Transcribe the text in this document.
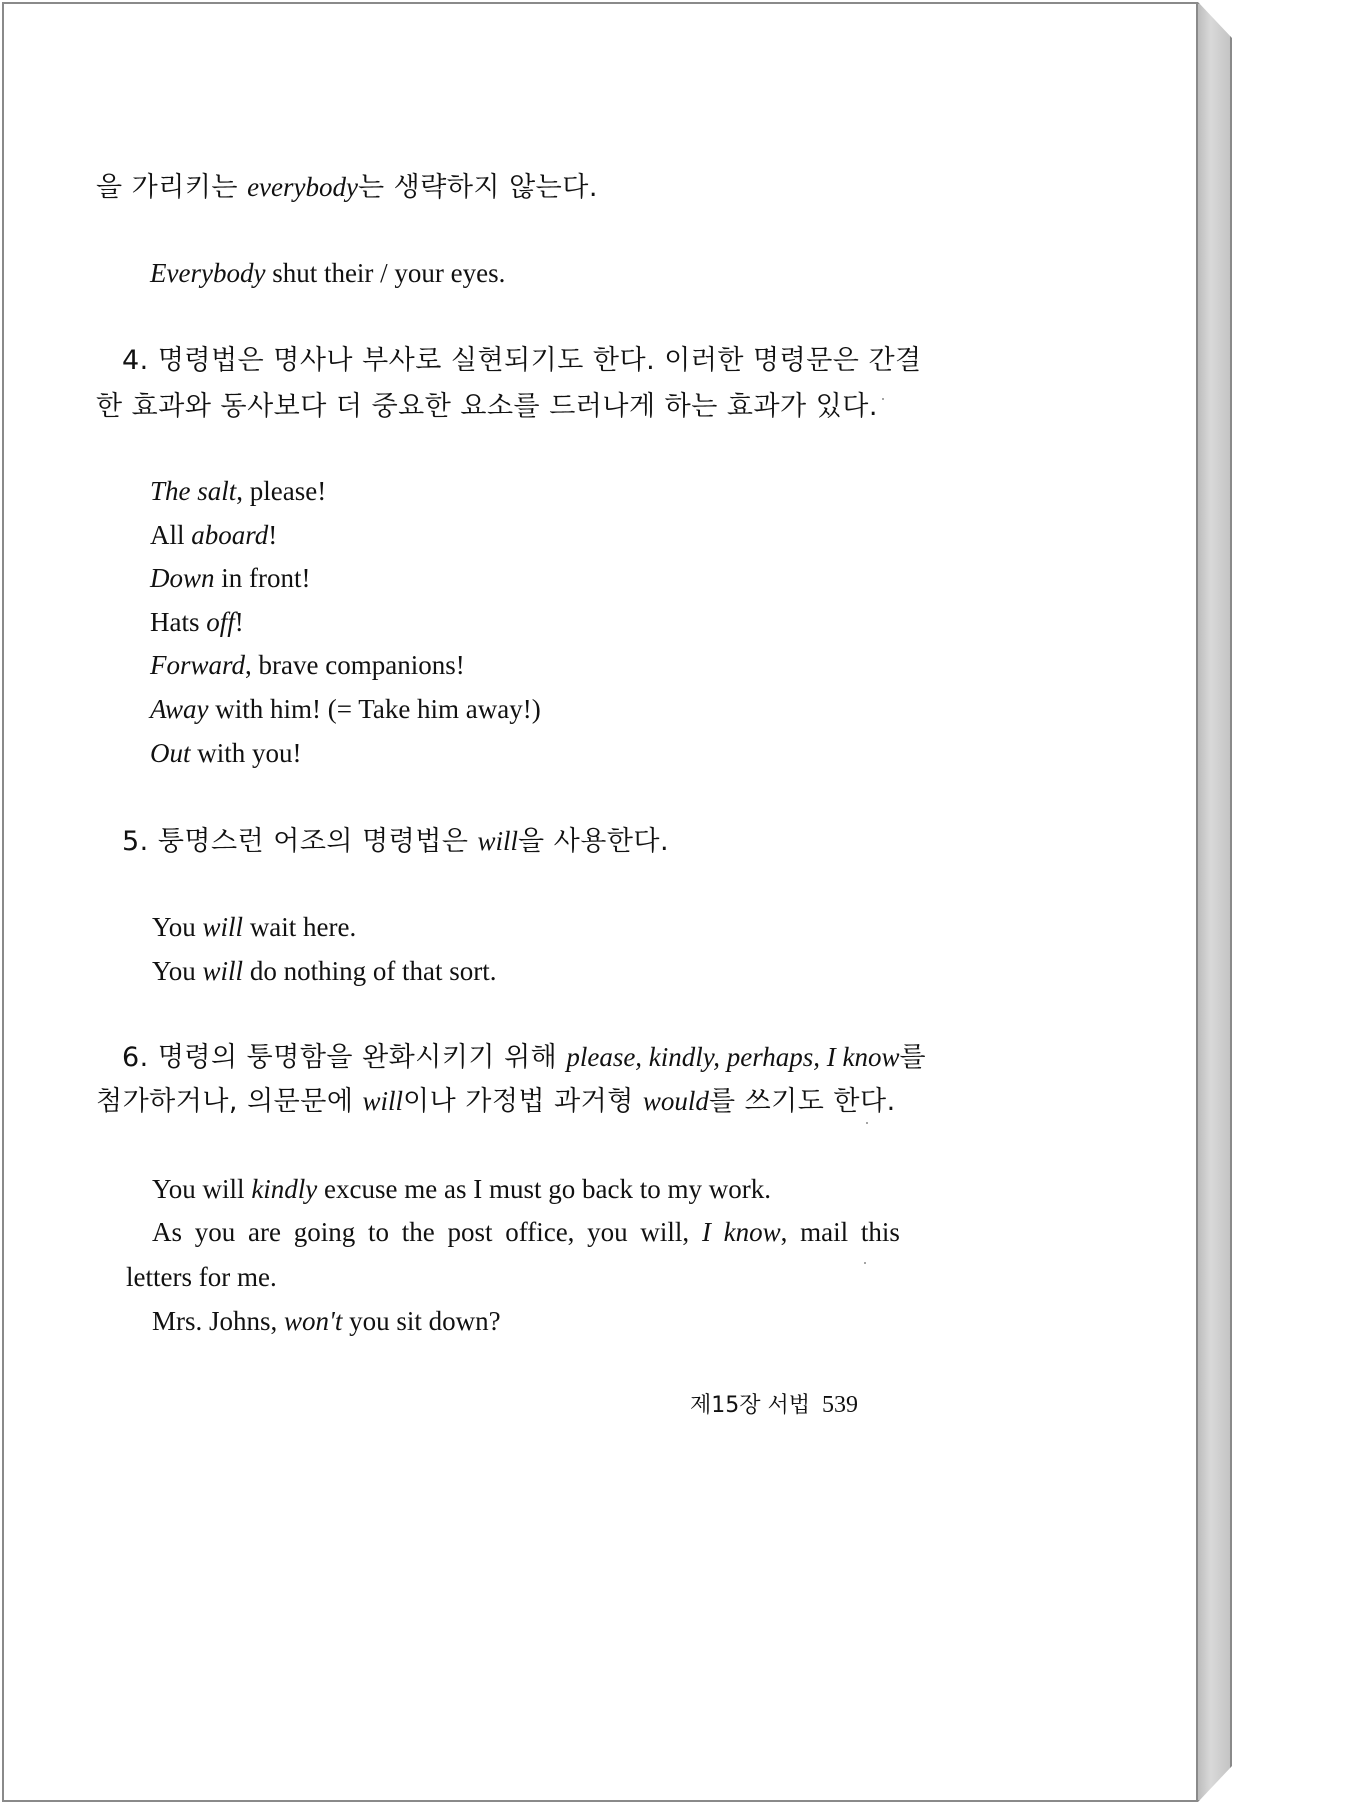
을 가리키는 everybody는 생략하지 않는다.
Everybody shut their / your eyes.
4. 명령법은 명사나 부사로 실현되기도 한다. 이러한 명령문은 간결
한 효과와 동사보다 더 중요한 요소를 드러나게 하는 효과가 있다.
The salt, please!
All aboard!
Down in front!
Hats off!
Forward, brave companions!
Away with him! (= Take him away!)
Out with you!
5. 퉁명스런 어조의 명령법은 will을 사용한다.
You will wait here.
You will do nothing of that sort.
6. 명령의 퉁명함을 완화시키기 위해 please, kindly, perhaps, I know를
첨가하거나, 의문문에 will이나 가정법 과거형 would를 쓰기도 한다.
You will kindly excuse me as I must go back to my work.
As you are going to the post office, you will, I know, mail this
letters for me.
Mrs. Johns, won't you sit down?
제15장 서법 539
